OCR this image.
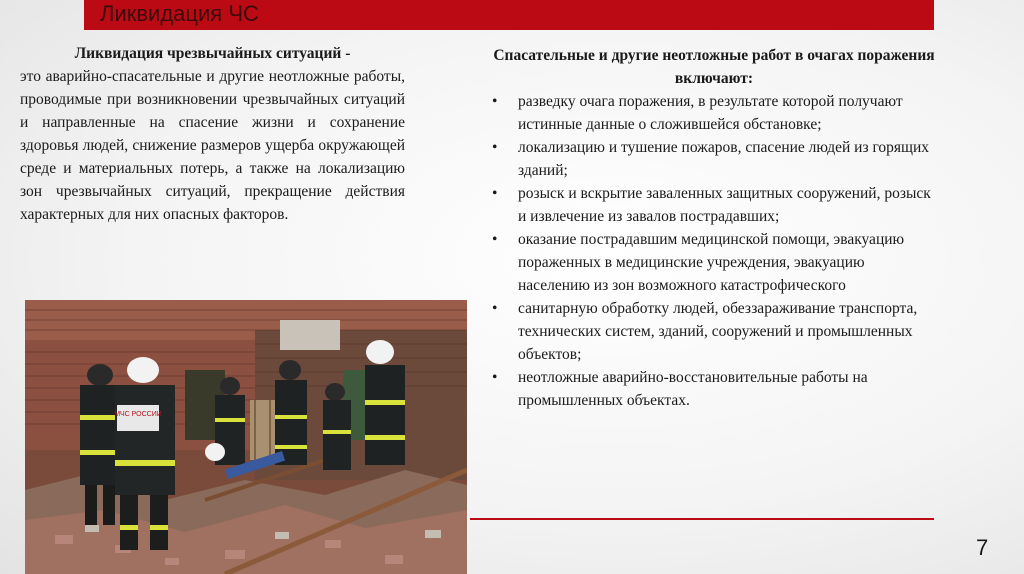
Ликвидация ЧС
Ликвидация чрезвычайных ситуаций -
это аварийно-спасательные и другие неотложные работы, проводимые при возникновении чрезвычайных ситуаций и направленные на спасение жизни и сохранение здоровья людей, снижение размеров ущерба окружающей среде и материальных потерь, а также на локализацию зон чрезвычайных ситуаций, прекращение действия характерных для них опасных факторов.
МЧС РОССИИ
Спасательные и другие неотложные работ в очагах поражения включают:
• разведку очага поражения, в результате которой получают истинные данные о сложившейся обстановке;
• локализацию и тушение пожаров, спасение людей из горящих зданий;
• розыск и вскрытие заваленных защитных сооружений, розыск и извлечение из завалов пострадавших;
• оказание пострадавшим медицинской помощи, эвакуацию пораженных в медицинские учреждения, эвакуацию населению из зон возможного катастрофического
• санитарную обработку людей, обеззараживание транспорта, технических систем, зданий, сооружений и промышленных объектов;
• неотложные аварийно-восстановительные работы на промышленных объектах.
7
